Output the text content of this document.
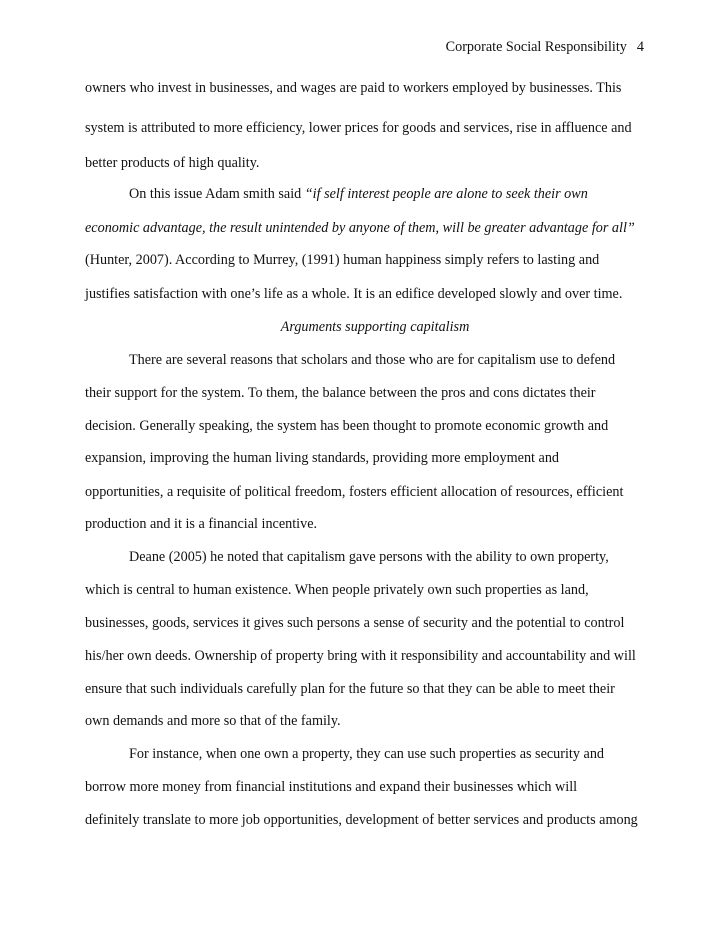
Corporate Social Responsibility 4
owners who invest in businesses, and wages are paid to workers employed by businesses. This
system is attributed to more efficiency, lower prices for goods and services, rise in affluence and
better products of high quality.
On this issue Adam smith said “if self interest people are alone to seek their own
economic advantage, the result unintended by anyone of them, will be greater advantage for all”
(Hunter, 2007). According to Murrey, (1991) human happiness simply refers to lasting and
justifies satisfaction with one’s life as a whole. It is an edifice developed slowly and over time.
Arguments supporting capitalism
There are several reasons that scholars and those who are for capitalism use to defend
their support for the system. To them, the balance between the pros and cons dictates their
decision. Generally speaking, the system has been thought to promote economic growth and
expansion, improving the human living standards, providing more employment and
opportunities, a requisite of political freedom, fosters efficient allocation of resources, efficient
production and it is a financial incentive.
Deane (2005) he noted that capitalism gave persons with the ability to own property,
which is central to human existence. When people privately own such properties as land,
businesses, goods, services it gives such persons a sense of security and the potential to control
his/her own deeds. Ownership of property bring with it responsibility and accountability and will
ensure that such individuals carefully plan for the future so that they can be able to meet their
own demands and more so that of the family.
For instance, when one own a property, they can use such properties as security and
borrow more money from financial institutions and expand their businesses which will
definitely translate to more job opportunities, development of better services and products among
